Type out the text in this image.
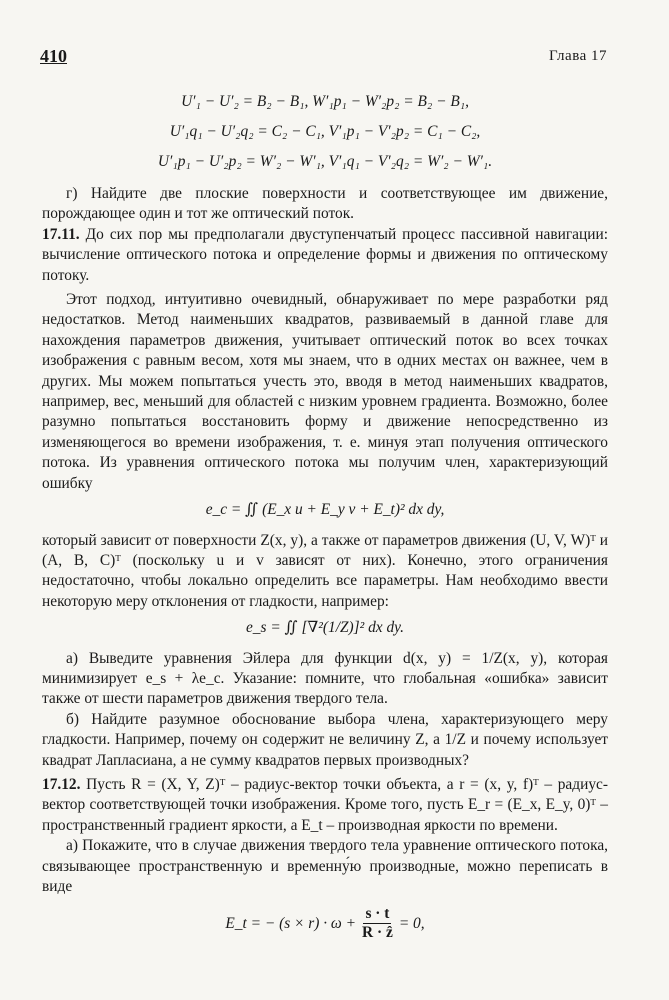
410	Глава 17
U′₁ − U′₂ = B₂ − B₁, W′₁p₁ − W′₂p₂ = B₂ − B₁,
U′₁q₁ − U′₂q₂ = C₂ − C₁, V′₁p₁ − V′₂p₂ = C₁ − C₂,
U′₁p₁ − U′₂p₂ = W′₂ − W′₁, V′₁q₁ − V′₂q₂ = W′₂ − W′₁.

г) Найдите две плоские поверхности и соответствующее им движение, порождающее один и тот же оптический поток.

17.11. До сих пор мы предполагали двуступенчатый процесс пассивной навигации: вычисление оптического потока и определение формы и движения по оптическому потоку.

Этот подход, интуитивно очевидный, обнаруживает по мере разработки ряд недостатков. Метод наименьших квадратов, развиваемый в данной главе для нахождения параметров движения, учитывает оптический поток во всех точках изображения с равным весом, хотя мы знаем, что в одних местах он важнее, чем в других. Мы можем попытаться учесть это, вводя в метод наименьших квадратов, например, вес, меньший для областей с низким уровнем градиента. Возможно, более разумно попытаться восстановить форму и движение непосредственно из изменяющегося во времени изображения, т. е. минуя этап получения оптического потока. Из уравнения оптического потока мы получим член, характеризующий ошибку

e_c = ∬ (E_x u + E_y v + E_t)² dx dy,

который зависит от поверхности Z(x, y), а также от параметров движения (U, V, W)ᵀ и (A, B, C)ᵀ (поскольку u и v зависят от них). Конечно, этого ограничения недостаточно, чтобы локально определить все параметры. Нам необходимо ввести некоторую меру отклонения от гладкости, например:

e_s = ∬ [∇²(1/Z)]² dx dy.

а) Выведите уравнения Эйлера для функции d(x, y) = 1/Z(x, y), которая минимизирует e_s + λe_c. Указание: помните, что глобальная «ошибка» зависит также от шести параметров движения твердого тела.

б) Найдите разумное обоснование выбора члена, характеризующего меру гладкости. Например, почему он содержит не величину Z, а 1/Z и почему использует квадрат Лапласиана, а не сумму квадратов первых производных?

17.12. Пусть R = (X, Y, Z)ᵀ – радиус-вектор точки объекта, а r = (x, y, f)ᵀ – радиус-вектор соответствующей точки изображения. Кроме того, пусть E_r = (E_x, E_y, 0)ᵀ – пространственный градиент яркости, а E_t – производная яркости по времени.

а) Покажите, что в случае движения твердого тела уравнение оптического потока, связывающее пространственную и временну́ю производные, можно переписать в виде

E_t = − $(s \times r) \cdot \omega + \frac{s \cdot t}{\text{R · ẑ}} = 0$,
